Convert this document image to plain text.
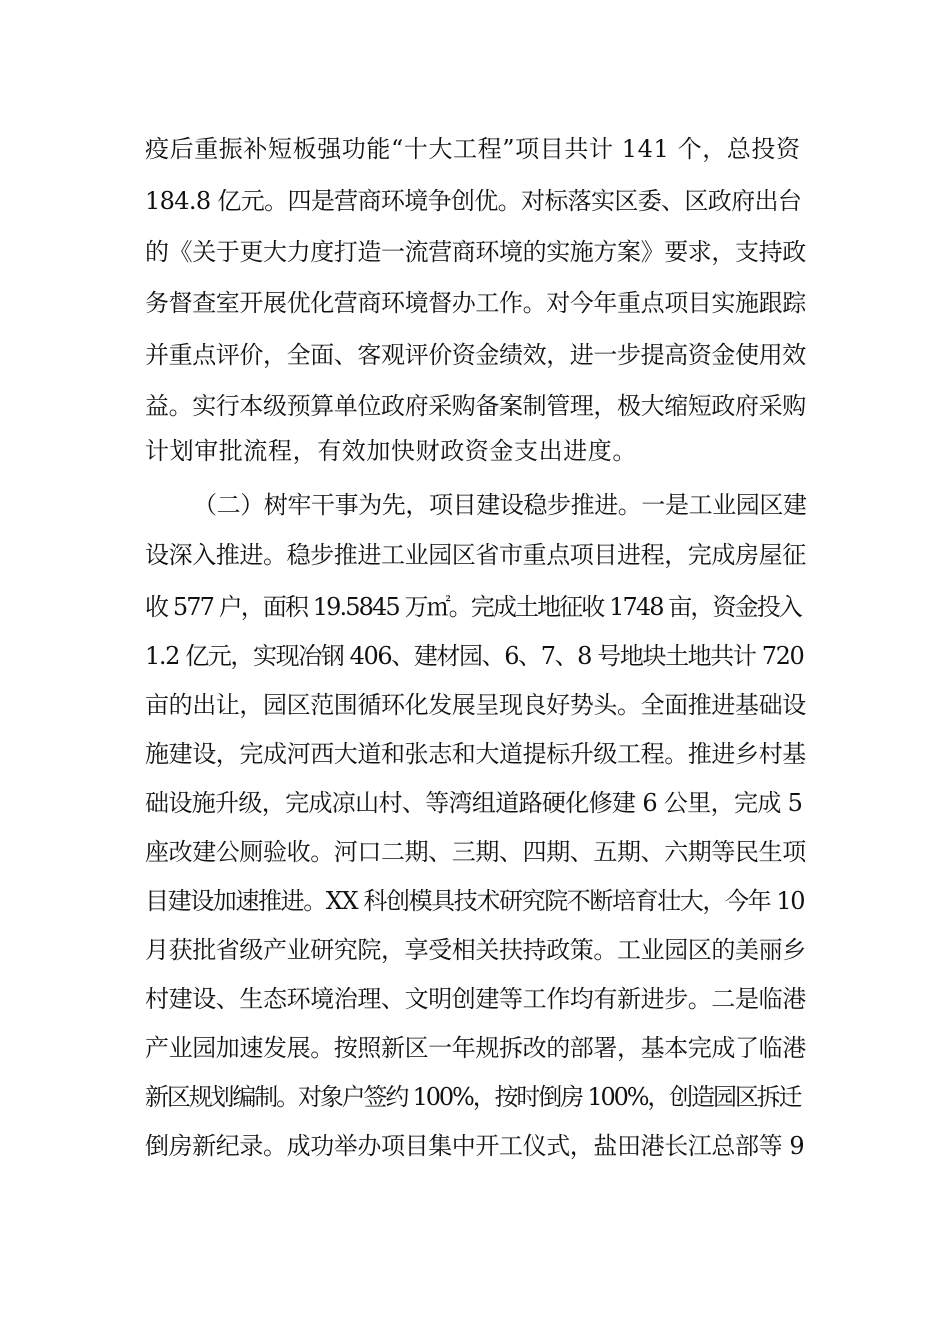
疫后重振补短板强功能“十大工程”项目共计 141 个，总投资
184.8 亿元。四是营商环境争创优。对标落实区委、区政府出台
的《关于更大力度打造一流营商环境的实施方案》要求，支持政
务督查室开展优化营商环境督办工作。对今年重点项目实施跟踪
并重点评价，全面、客观评价资金绩效，进一步提高资金使用效
益。实行本级预算单位政府采购备案制管理，极大缩短政府采购
计划审批流程，有效加快财政资金支出进度。
（二）树牢干事为先，项目建设稳步推进。一是工业园区建
设深入推进。稳步推进工业园区省市重点项目进程，完成房屋征
收 577 户，面积 19.5845 万㎡。完成土地征收 1748 亩，资金投入
1.2 亿元，实现冶钢 406、建材园、6、7、8 号地块土地共计 720
亩的出让，园区范围循环化发展呈现良好势头。全面推进基础设
施建设，完成河西大道和张志和大道提标升级工程。推进乡村基
础设施升级，完成凉山村、等湾组道路硬化修建 6 公里，完成 5
座改建公厕验收。河口二期、三期、四期、五期、六期等民生项
目建设加速推进。XX 科创模具技术研究院不断培育壮大，今年 10
月获批省级产业研究院，享受相关扶持政策。工业园区的美丽乡
村建设、生态环境治理、文明创建等工作均有新进步。二是临港
产业园加速发展。按照新区一年规拆改的部署，基本完成了临港
新区规划编制。对象户签约 100%，按时倒房 100%，创造园区拆迁
倒房新纪录。成功举办项目集中开工仪式，盐田港长江总部等 9
